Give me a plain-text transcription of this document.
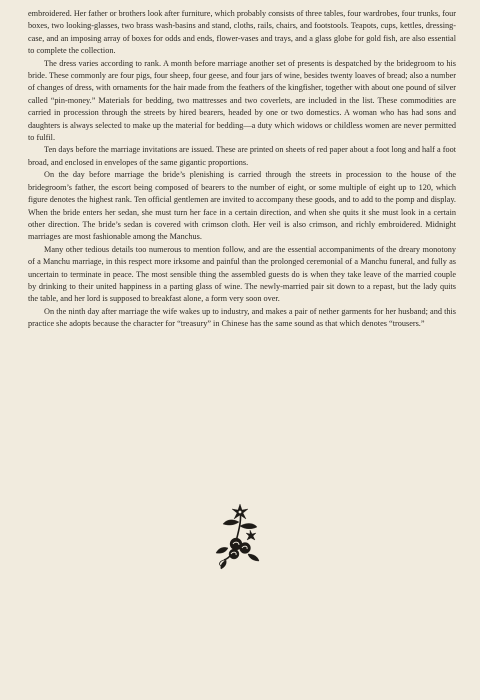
embroidered. Her father or brothers look after furniture, which probably consists of three tables, four wardrobes, four trunks, four boxes, two looking-glasses, two brass wash-basins and stand, cloths, rails, chairs, and footstools. Teapots, cups, kettles, dressing-case, and an imposing array of boxes for odds and ends, flower-vases and trays, and a glass globe for gold fish, are also essential to complete the collection.

The dress varies according to rank. A month before marriage another set of presents is despatched by the bridegroom to his bride. These commonly are four pigs, four sheep, four geese, and four jars of wine, besides twenty loaves of bread; also a number of changes of dress, with ornaments for the hair made from the feathers of the kingfisher, together with about one pound of silver called “pin-money.” Materials for bedding, two mattresses and two coverlets, are included in the list. These commodities are carried in procession through the streets by hired bearers, headed by one or two domestics. A woman who has had sons and daughters is always selected to make up the material for bedding—a duty which widows or childless women are never permitted to fulfil.

Ten days before the marriage invitations are issued. These are printed on sheets of red paper about a foot long and half a foot broad, and enclosed in envelopes of the same gigantic proportions.

On the day before marriage the bride’s plenishing is carried through the streets in procession to the house of the bridegroom’s father, the escort being composed of bearers to the number of eight, or some multiple of eight up to 120, which figure denotes the highest rank. Ten official gentlemen are invited to accompany these goods, and to add to the pomp and display. When the bride enters her sedan, she must turn her face in a certain direction, and when she quits it she must look in a certain other direction. The bride’s sedan is covered with crimson cloth. Her veil is also crimson, and richly embroidered. Midnight marriages are most fashionable among the Manchus.

Many other tedious details too numerous to mention follow, and are the essential accompaniments of the dreary monotony of a Manchu marriage, in this respect more irksome and painful than the prolonged ceremonial of a Manchu funeral, and fully as uncertain to terminate in peace. The most sensible thing the assembled guests do is when they take leave of the married couple by drinking to their united happiness in a parting glass of wine. The newly-married pair sit down to a repast, but the lady quits the table, and her lord is supposed to breakfast alone, a form very soon over.

On the ninth day after marriage the wife wakes up to industry, and makes a pair of nether garments for her husband; and this practice she adopts because the character for “treasury” in Chinese has the same sound as that which denotes “trousers.”
